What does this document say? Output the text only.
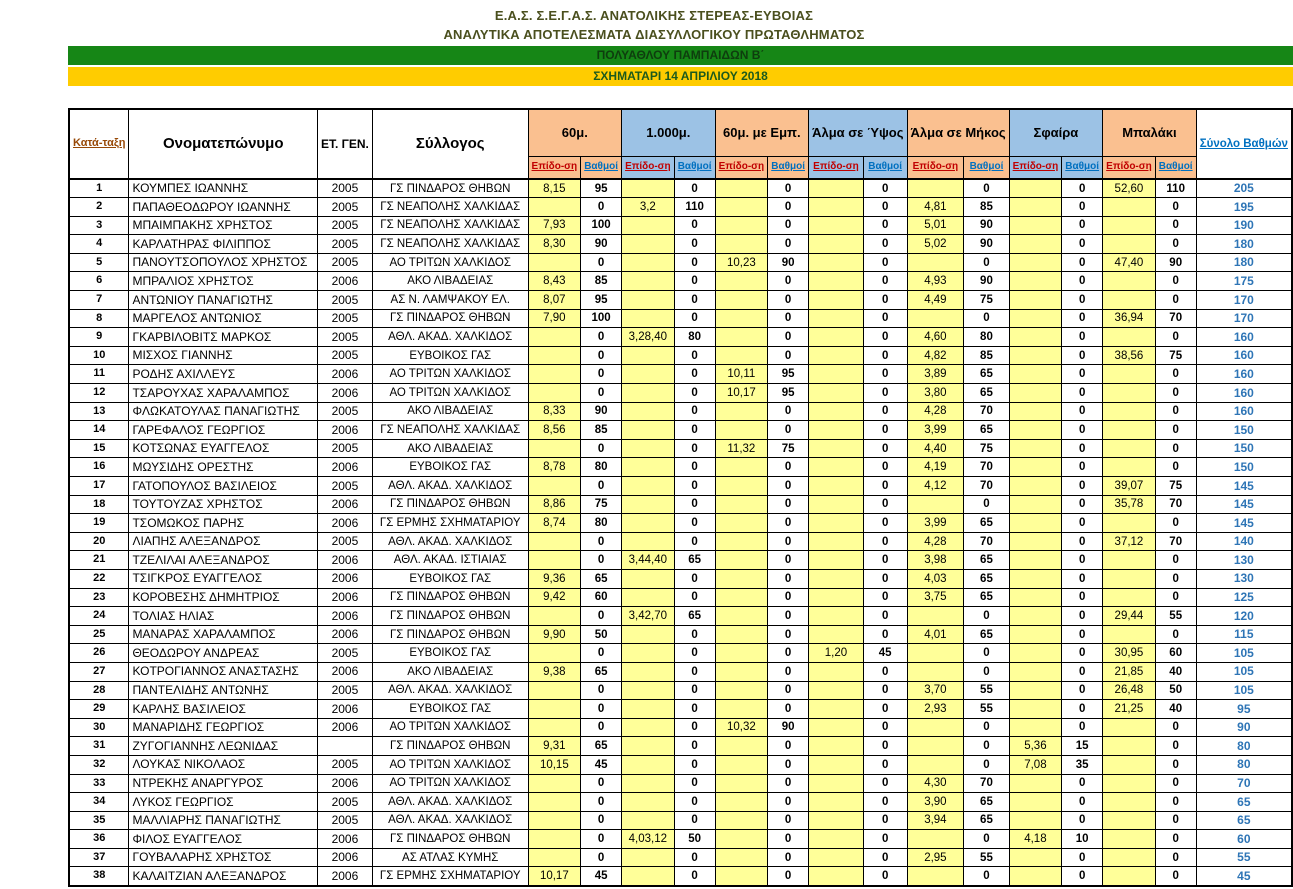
Ε.Α.Σ. Σ.Ε.Γ.Α.Σ. ΑΝΑΤΟΛΙΚΗΣ ΣΤΕΡΕΑΣ-ΕΥΒΟΙΑΣ
ΑΝΑΛΥΤΙΚΑ ΑΠΟΤΕΛΕΣΜΑΤΑ ΔΙΑΣΥΛΛΟΓΙΚΟΥ ΠΡΩΤΑΘΛΗΜΑΤΟΣ
ΠΟΛΥΑΘΛΟΥ ΠΑΜΠΑΙΔΩΝ Β΄
ΣΧΗΜΑΤΑΡΙ 14 ΑΠΡΙΛΙΟΥ 2018
Κατά-ταξη	Ονοματεπώνυμο	ΕΤ. ΓΕΝ.	Σύλλογος	60μ.		1.000μ.		60μ. με Εμπ.		Άλμα σε Ύψος		Άλμα σε Μήκος		Σφαίρα		Μπαλάκι		Σύνολο Βαθμών
				Επίδο-ση	Βαθμοί	Επίδο-ση	Βαθμοί	Επίδο-ση	Βαθμοί	Επίδο-ση	Βαθμοί	Επίδο-ση	Βαθμοί	Επίδο-ση	Βαθμοί	Επίδο-ση	Βαθμοί	
1	ΚΟΥΜΠΕΣ ΙΩΑΝΝΗΣ	2005	ΓΣ ΠΙΝΔΑΡΟΣ ΘΗΒΩΝ	8,15	95		0		0		0		0		0	52,60	110	205
2	ΠΑΠΑΘΕΟΔΩΡΟΥ ΙΩΑΝΝΗΣ	2005	ΓΣ ΝΕΑΠΟΛΗΣ ΧΑΛΚΙΔΑΣ		0	3,2	110		0		0	4,81	85		0		0	195
3	ΜΠΑΙΜΠΑΚΗΣ ΧΡΗΣΤΟΣ	2005	ΓΣ ΝΕΑΠΟΛΗΣ ΧΑΛΚΙΔΑΣ	7,93	100		0		0		0	5,01	90		0		0	190
4	ΚΑΡΛΑΤΗΡΑΣ ΦΙΛΙΠΠΟΣ	2005	ΓΣ ΝΕΑΠΟΛΗΣ ΧΑΛΚΙΔΑΣ	8,30	90		0		0		0	5,02	90		0		0	180
5	ΠΑΝΟΥΤΣΟΠΟΥΛΟΣ ΧΡΗΣΤΟΣ	2005	ΑΟ ΤΡΙΤΩΝ ΧΑΛΚΙΔΟΣ		0		0	10,23	90		0		0		0	47,40	90	180
6	ΜΠΡΑΛΙΟΣ ΧΡΗΣΤΟΣ	2006	ΑΚΟ ΛΙΒΑΔΕΙΑΣ	8,43	85		0		0		0	4,93	90		0		0	175
7	ΑΝΤΩΝΙΟΥ ΠΑΝΑΓΙΩΤΗΣ	2005	ΑΣ Ν. ΛΑΜΨΑΚΟΥ ΕΛ.	8,07	95		0		0		0	4,49	75		0		0	170
8	ΜΑΡΓΕΛΟΣ ΑΝΤΩΝΙΟΣ	2005	ΓΣ ΠΙΝΔΑΡΟΣ ΘΗΒΩΝ	7,90	100		0		0		0		0		0	36,94	70	170
9	ΓΚΑΡΒΙΛΟΒΙΤΣ ΜΑΡΚΟΣ	2005	ΑΘΛ. ΑΚΑΔ. ΧΑΛΚΙΔΟΣ		0	3,28,40	80		0		0	4,60	80		0		0	160
10	ΜΙΣΧΟΣ ΓΙΑΝΝΗΣ	2005	ΕΥΒΟΙΚΟΣ ΓΑΣ		0		0		0		0	4,82	85		0	38,56	75	160
11	ΡΟΔΗΣ ΑΧΙΛΛΕΥΣ	2006	ΑΟ ΤΡΙΤΩΝ ΧΑΛΚΙΔΟΣ		0		0	10,11	95		0	3,89	65		0		0	160
12	ΤΣΑΡΟΥΧΑΣ ΧΑΡΑΛΑΜΠΟΣ	2006	ΑΟ ΤΡΙΤΩΝ ΧΑΛΚΙΔΟΣ		0		0	10,17	95		0	3,80	65		0		0	160
13	ΦΛΩΚΑΤΟΥΛΑΣ ΠΑΝΑΓΙΩΤΗΣ	2005	ΑΚΟ ΛΙΒΑΔΕΙΑΣ	8,33	90		0		0		0	4,28	70		0		0	160
14	ΓΑΡΕΦΑΛΟΣ ΓΕΩΡΓΙΟΣ	2006	ΓΣ ΝΕΑΠΟΛΗΣ ΧΑΛΚΙΔΑΣ	8,56	85		0		0		0	3,99	65		0		0	150
15	ΚΟΤΣΩΝΑΣ ΕΥΑΓΓΕΛΟΣ	2005	ΑΚΟ ΛΙΒΑΔΕΙΑΣ		0		0	11,32	75		0	4,40	75		0		0	150
16	ΜΩΥΣΙΔΗΣ ΟΡΕΣΤΗΣ	2006	ΕΥΒΟΙΚΟΣ ΓΑΣ	8,78	80		0		0		0	4,19	70		0		0	150
17	ΓΑΤΟΠΟΥΛΟΣ ΒΑΣΙΛΕΙΟΣ	2005	ΑΘΛ. ΑΚΑΔ. ΧΑΛΚΙΔΟΣ		0		0		0		0	4,12	70		0	39,07	75	145
18	ΤΟΥΤΟΥΖΑΣ ΧΡΗΣΤΟΣ	2006	ΓΣ ΠΙΝΔΑΡΟΣ ΘΗΒΩΝ	8,86	75		0		0		0		0		0	35,78	70	145
19	ΤΣΟΜΩΚΟΣ ΠΑΡΗΣ	2006	ΓΣ ΕΡΜΗΣ ΣΧΗΜΑΤΑΡΙΟΥ	8,74	80		0		0		0	3,99	65		0		0	145
20	ΛΙΑΠΗΣ ΑΛΕΞΑΝΔΡΟΣ	2005	ΑΘΛ. ΑΚΑΔ. ΧΑΛΚΙΔΟΣ		0		0		0		0	4,28	70		0	37,12	70	140
21	ΤΖΕΛΙΛΑΙ ΑΛΕΞΑΝΔΡΟΣ	2006	ΑΘΛ. ΑΚΑΔ. ΙΣΤΙΑΙΑΣ		0	3,44,40	65		0		0	3,98	65		0		0	130
22	ΤΣΙΓΚΡΟΣ ΕΥΑΓΓΕΛΟΣ	2006	ΕΥΒΟΙΚΟΣ ΓΑΣ	9,36	65		0		0		0	4,03	65		0		0	130
23	ΚΟΡΟΒΕΣΗΣ ΔΗΜΗΤΡΙΟΣ	2006	ΓΣ ΠΙΝΔΑΡΟΣ ΘΗΒΩΝ	9,42	60		0		0		0	3,75	65		0		0	125
24	ΤΟΛΙΑΣ ΗΛΙΑΣ	2006	ΓΣ ΠΙΝΔΑΡΟΣ ΘΗΒΩΝ		0	3,42,70	65		0		0		0		0	29,44	55	120
25	ΜΑΝΑΡΑΣ ΧΑΡΑΛΑΜΠΟΣ	2006	ΓΣ ΠΙΝΔΑΡΟΣ ΘΗΒΩΝ	9,90	50		0		0		0	4,01	65		0		0	115
26	ΘΕΟΔΩΡΟΥ ΑΝΔΡΕΑΣ	2005	ΕΥΒΟΙΚΟΣ ΓΑΣ		0		0		0	1,20	45		0		0	30,95	60	105
27	ΚΟΤΡΟΓΙΑΝΝΟΣ ΑΝΑΣΤΑΣΗΣ	2006	ΑΚΟ ΛΙΒΑΔΕΙΑΣ	9,38	65		0		0		0		0		0	21,85	40	105
28	ΠΑΝΤΕΛΙΔΗΣ ΑΝΤΩΝΗΣ	2005	ΑΘΛ. ΑΚΑΔ. ΧΑΛΚΙΔΟΣ		0		0		0		0	3,70	55		0	26,48	50	105
29	ΚΑΡΛΗΣ ΒΑΣΙΛΕΙΟΣ	2006	ΕΥΒΟΙΚΟΣ ΓΑΣ		0		0		0		0	2,93	55		0	21,25	40	95
30	ΜΑΝΑΡΙΔΗΣ ΓΕΩΡΓΙΟΣ	2006	ΑΟ ΤΡΙΤΩΝ ΧΑΛΚΙΔΟΣ		0		0	10,32	90		0		0		0		0	90
31	ΖΥΓΟΓΙΑΝΝΗΣ ΛΕΩΝΙΔΑΣ		ΓΣ ΠΙΝΔΑΡΟΣ ΘΗΒΩΝ	9,31	65		0		0		0		0	5,36	15		0	80
32	ΛΟΥΚΑΣ ΝΙΚΟΛΑΟΣ	2005	ΑΟ ΤΡΙΤΩΝ ΧΑΛΚΙΔΟΣ	10,15	45		0		0		0		0	7,08	35		0	80
33	ΝΤΡΕΚΗΣ ΑΝΑΡΓΥΡΟΣ	2006	ΑΟ ΤΡΙΤΩΝ ΧΑΛΚΙΔΟΣ		0		0		0		0	4,30	70		0		0	70
34	ΛΥΚΟΣ ΓΕΩΡΓΙΟΣ	2005	ΑΘΛ. ΑΚΑΔ. ΧΑΛΚΙΔΟΣ		0		0		0		0	3,90	65		0		0	65
35	ΜΑΛΛΙΑΡΗΣ ΠΑΝΑΓΙΩΤΗΣ	2005	ΑΘΛ. ΑΚΑΔ. ΧΑΛΚΙΔΟΣ		0		0		0		0	3,94	65		0		0	65
36	ΦΙΛΟΣ ΕΥΑΓΓΕΛΟΣ	2006	ΓΣ ΠΙΝΔΑΡΟΣ ΘΗΒΩΝ		0	4,03,12	50		0		0		0	4,18	10		0	60
37	ΓΟΥΒΑΛΑΡΗΣ ΧΡΗΣΤΟΣ	2006	ΑΣ ΑΤΛΑΣ ΚΥΜΗΣ		0		0		0		0	2,95	55		0		0	55
38	ΚΑΛΑΙΤΖΙΑΝ ΑΛΕΞΑΝΔΡΟΣ	2006	ΓΣ ΕΡΜΗΣ ΣΧΗΜΑΤΑΡΙΟΥ	10,17	45		0		0		0		0		0		0	45
